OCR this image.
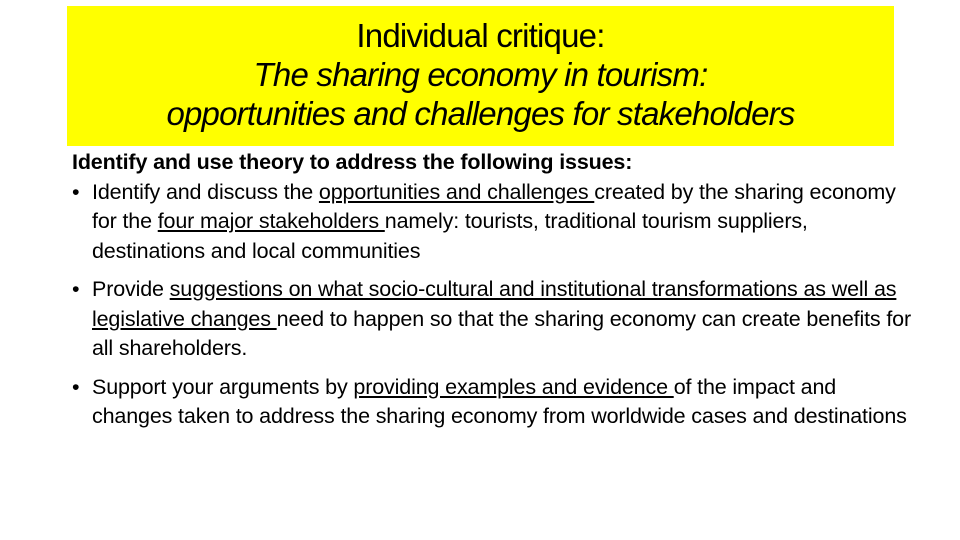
Individual critique:
The sharing economy in tourism:
opportunities and challenges for stakeholders

Identify and use theory to address the following issues:

• Identify and discuss the opportunities and challenges created by the sharing economy for the four major stakeholders namely: tourists, traditional tourism suppliers, destinations and local communities
• Provide suggestions on what socio-cultural and institutional transformations as well as legislative changes need to happen so that the sharing economy can create benefits for all shareholders.
• Support your arguments by providing examples and evidence of the impact and changes taken to address the sharing economy from worldwide cases and destinations
